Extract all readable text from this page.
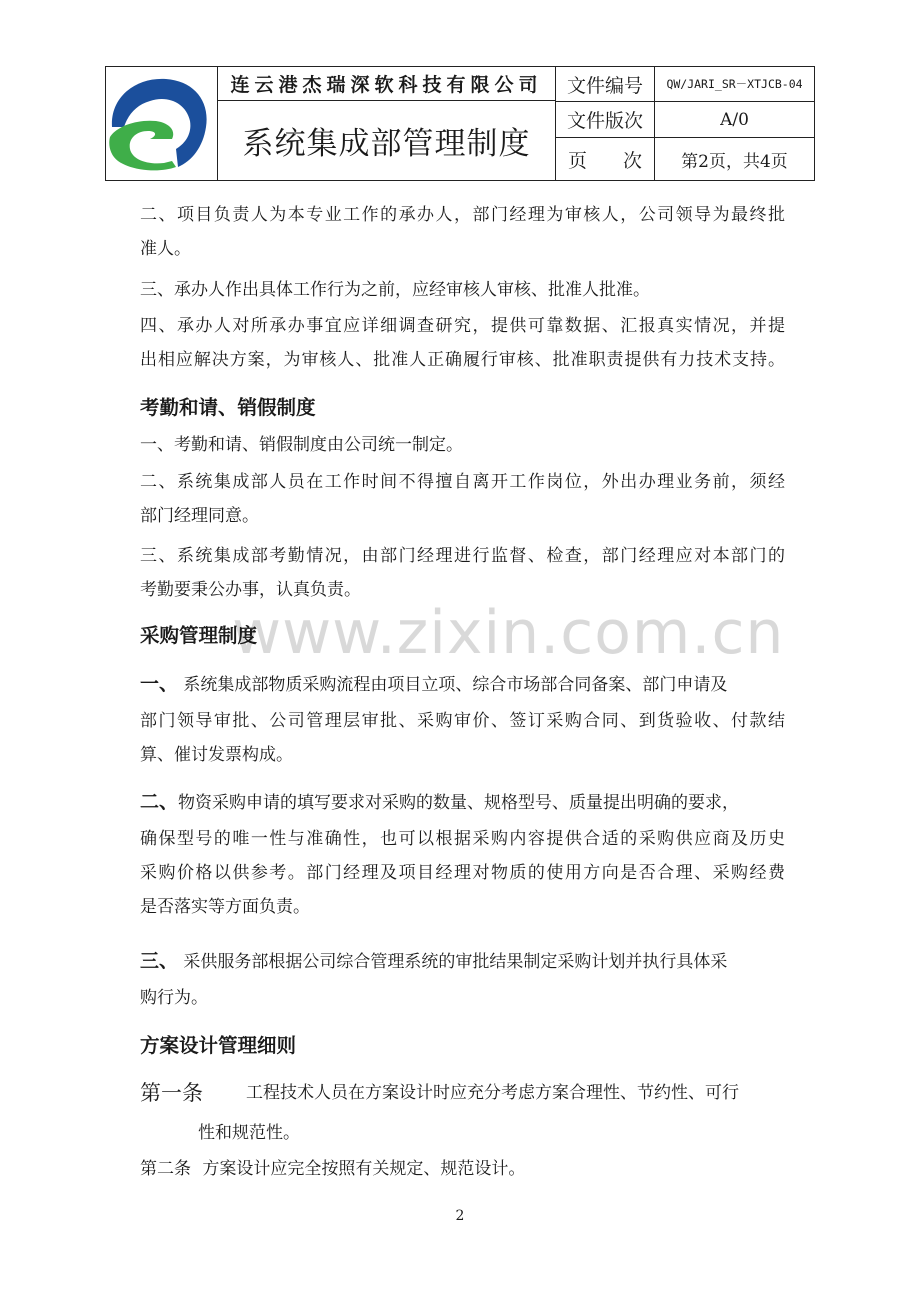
连云港杰瑞深软科技有限公司
系统集成部管理制度
文件编号	QW/JARI_SR－XTJCB-04
文件版次	A/0
页 次	第2页，共4页

二、项目负责人为本专业工作的承办人，部门经理为审核人，公司领导为最终批
准人。

三、承办人作出具体工作行为之前，应经审核人审核、批准人批准。

四、承办人对所承办事宜应详细调查研究，提供可靠数据、汇报真实情况，并提
出相应解决方案，为审核人、批准人正确履行审核、批准职责提供有力技术支持。

考勤和请、销假制度

一、考勤和请、销假制度由公司统一制定。

二、系统集成部人员在工作时间不得擅自离开工作岗位，外出办理业务前，须经
部门经理同意。

三、系统集成部考勤情况，由部门经理进行监督、检查，部门经理应对本部门的
考勤要秉公办事，认真负责。

www.zixin.com.cn
采购管理制度

一、 系统集成部物质采购流程由项目立项、综合市场部合同备案、部门申请及
部门领导审批、公司管理层审批、采购审价、签订采购合同、到货验收、付款结
算、催讨发票构成。

二、物资采购申请的填写要求对采购的数量、规格型号、质量提出明确的要求，
确保型号的唯一性与准确性，也可以根据采购内容提供合适的采购供应商及历史
采购价格以供参考。部门经理及项目经理对物质的使用方向是否合理、采购经费
是否落实等方面负责。

三、 采供服务部根据公司综合管理系统的审批结果制定采购计划并执行具体采
购行为。

方案设计管理细则
第一条	工程技术人员在方案设计时应充分考虑方案合理性、节约性、可行
性和规范性。
第二条 方案设计应完全按照有关规定、规范设计。
2
